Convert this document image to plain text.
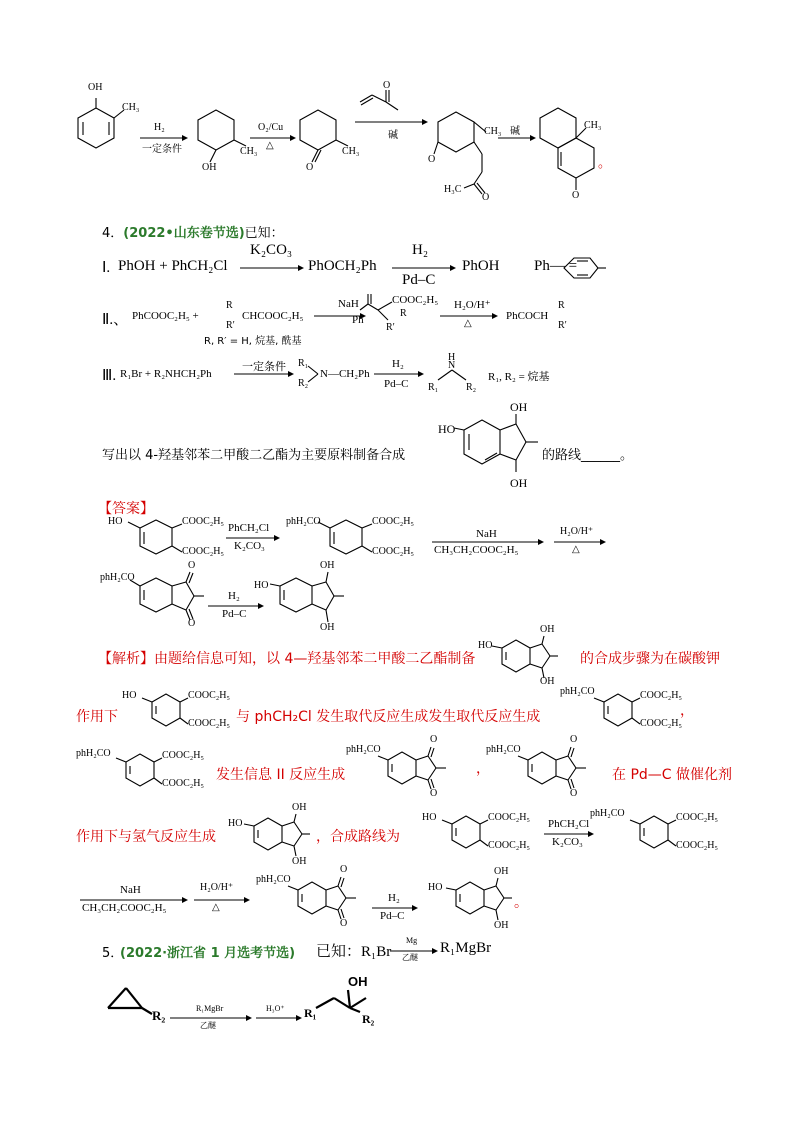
OH
CH₃
H₂
一定条件
OH
CH₃
O₂/Cu
△
O
CH₃
O
碱	CH₃
O
H₃C
O
碱
CH₃
O
。
4．(2022•山东卷节选)已知：
Ⅰ. PhOH + PhCH₂Cl
K₂CO₃
PhOCH₂Ph
H₂
Pd–C
PhOH Ph— =
Ⅱ.、 PhCOOC₂H₅ +
R
R′
CHCOOC₂H₅
R, R′ = H, 烷基, 酰基
NaH
Ph
COOC₂H₅
R
R′
H₂O/H⁺
△
PhCOCH
R
R′
Ⅲ. R₁Br + R₂NHCH₂Ph
一定条件 R₁
R₂
N—CH₂Ph
H₂
Pd–C
H
N
R₁	R₂
R₁, R₂ = 烷基
写出以 4-羟基邻苯二甲酸二乙酯为主要原料制备合成
HO
OH
OH
的路线______。
【答案】
HO	COOC₂H₅
COOC₂H₅
PhCH₂Cl
K₂CO₃
phH₂CO	COOC₂H₅
COOC₂H₅
NaH
CH₃CH₂COOC₂H₅
H₂O/H⁺
△
phH₂CO
O
O
H₂
Pd–C
HO
OH
OH
【解析】由题给信息可知，以 4—羟基邻苯二甲酸二乙酯制备
HO
OH
OH
的合成步骤为在碳酸钾
作用下
HO	COOC₂H₅
COOC₂H₅ 与 phCH₂Cl 发生取代反应生成发生取代反应生成
phH₂CO	COOC₂H₅
COOC₂H₅
，
phH₂CO	COOC₂H₅
COOC₂H₅
发生信息 II 反应生成
phH₂CO
O
O
，
phH₂CO
O
O
在 Pd—C 做催化剂
作用下与氢气反应生成
HO
OH
OH
，合成路线为
HO	COOC₂H₅
COOC₂H₅
PhCH₂Cl
K₂CO₃
phH₂CO	COOC₂H₅
COOC₂H₅
NaH
CH₃CH₂COOC₂H₅
H₂O/H⁺
△
phH₂CO
O
O
H₂
Pd–C
HO
OH
OH
。
5．
(2022·浙江省 1 月选考节选) 已知：R₁Br
Mg
乙醚
R₁MgBr
R₂	R₁MgBr
乙醚
H₃O⁺
OH
R₁	R₂
